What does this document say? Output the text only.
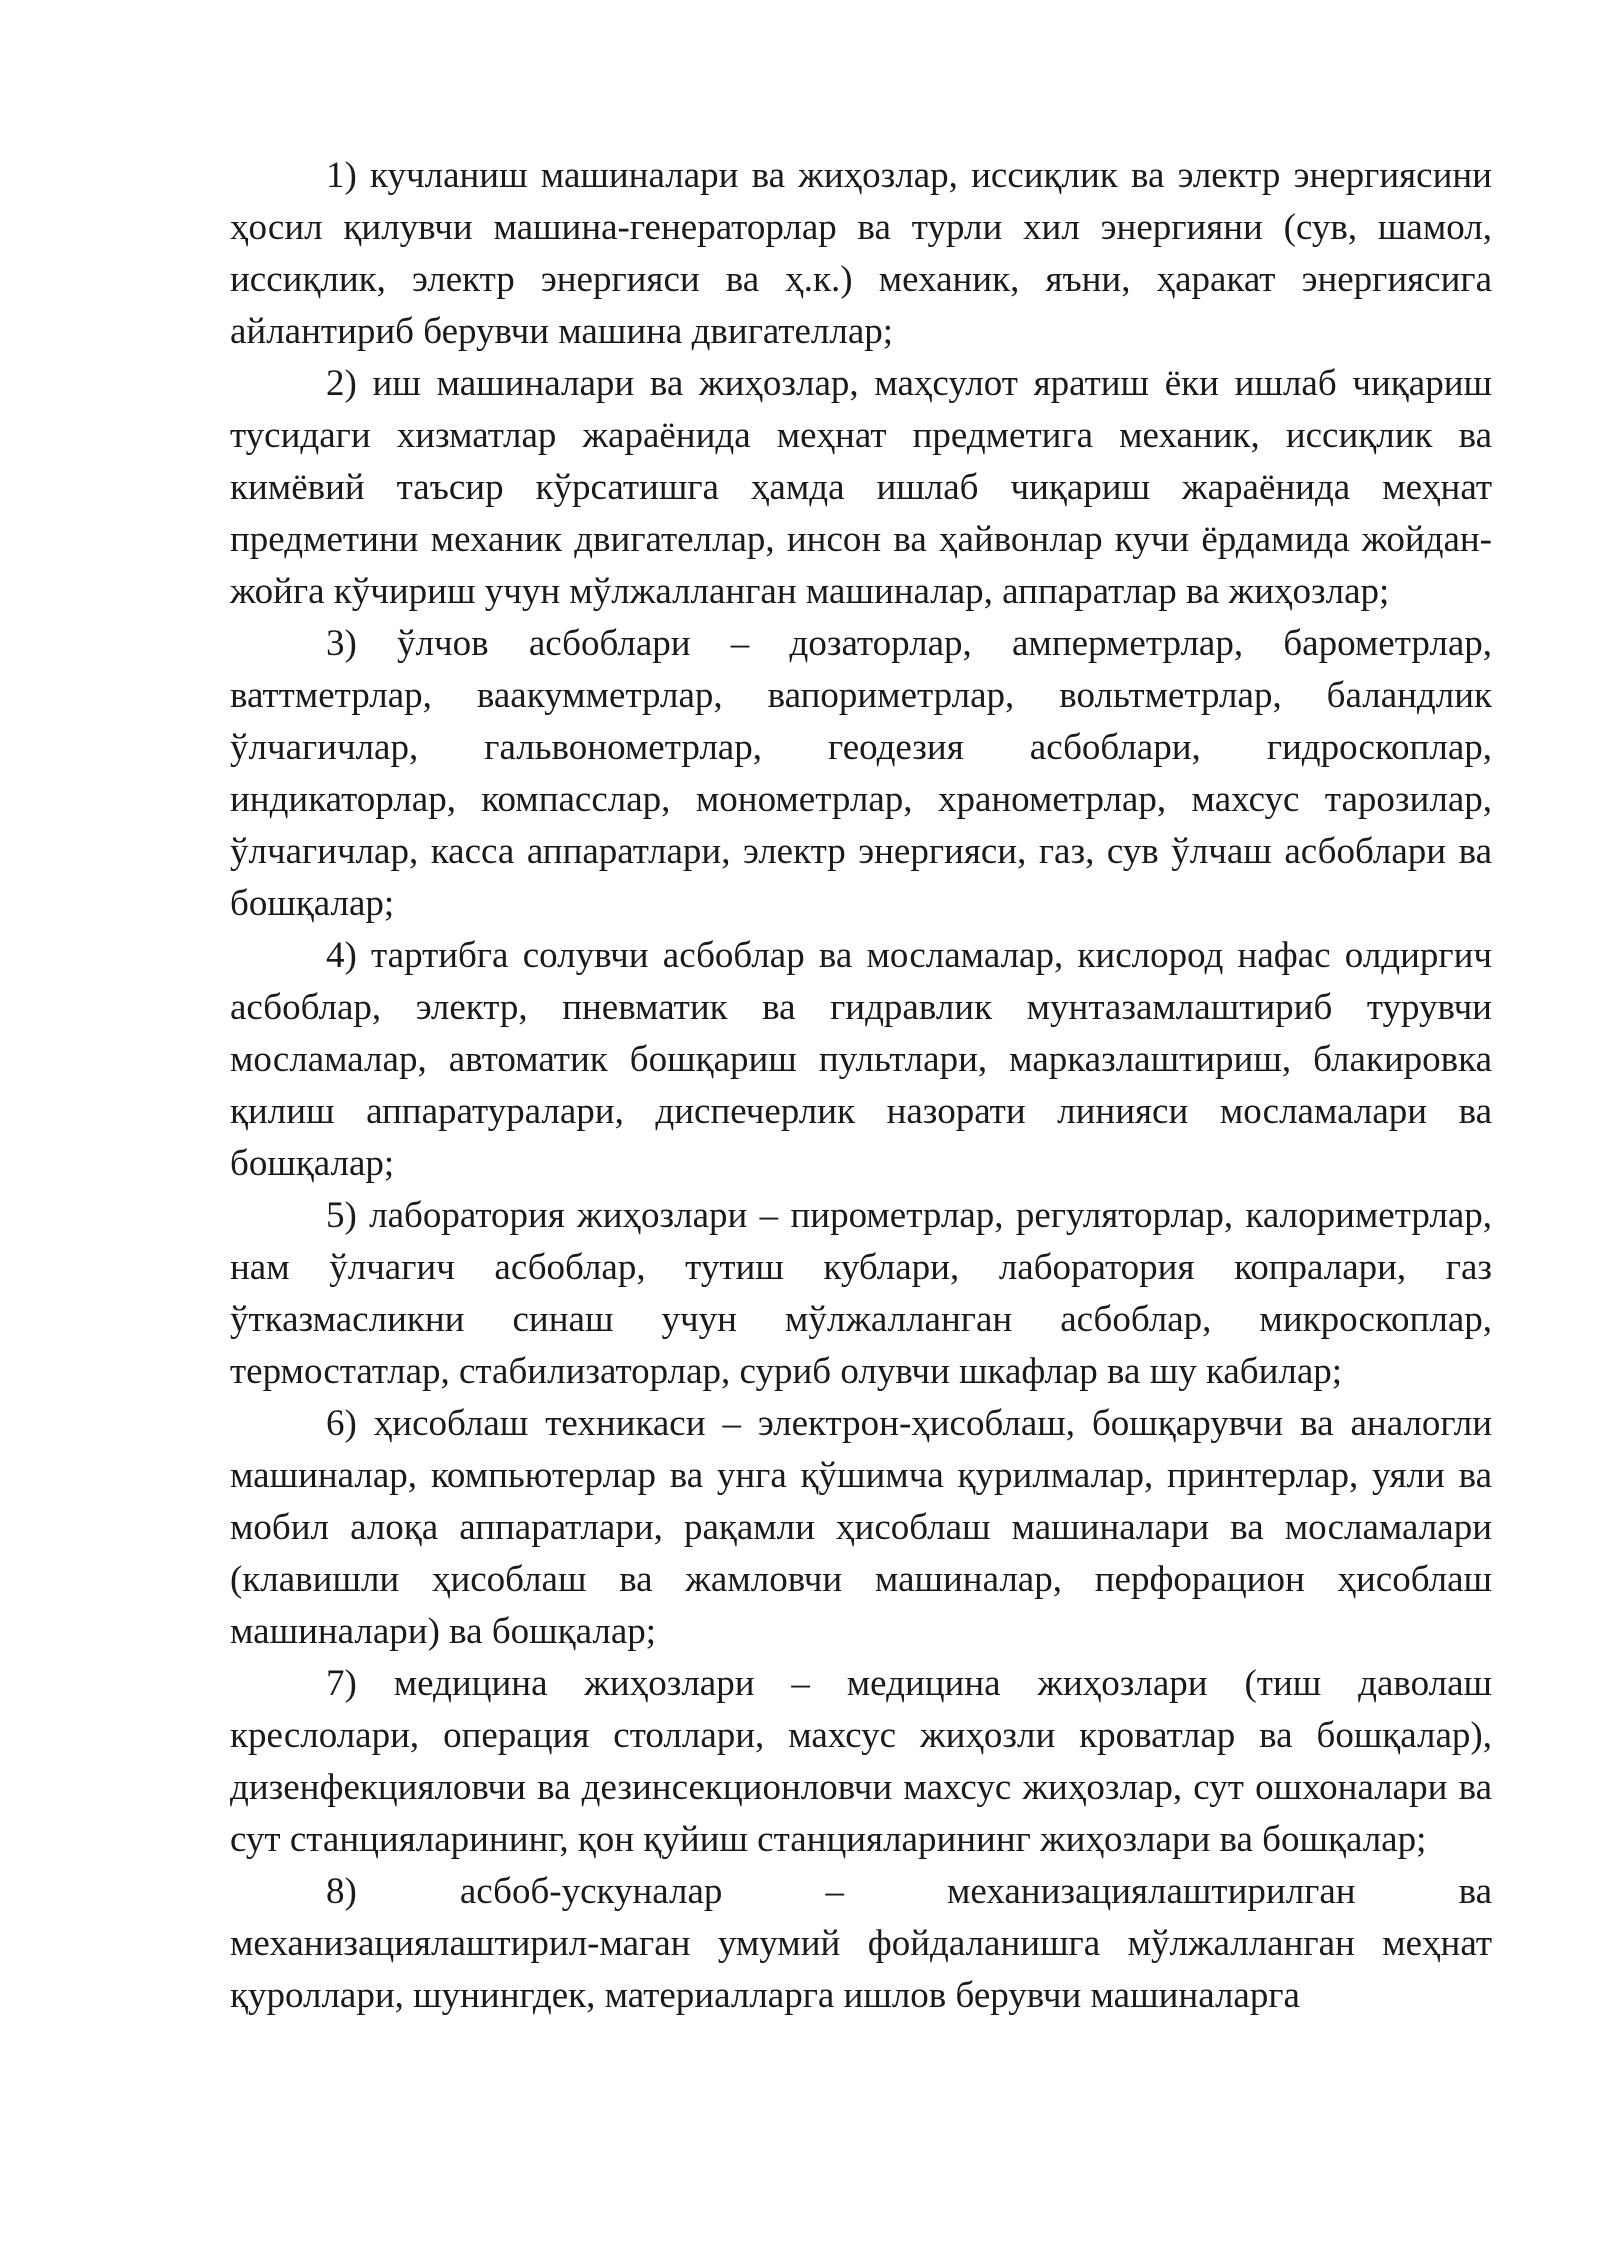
1) кучланиш машиналари ва жиҳозлар, иссиқлик ва электр энергиясини ҳосил қилувчи машина-генераторлар ва турли хил энергияни (сув, шамол, иссиқлик, электр энергияси ва ҳ.к.) механик, яъни, ҳаракат энергиясига айлантириб берувчи машина двигателлар;

2) иш машиналари ва жиҳозлар, маҳсулот яратиш ёки ишлаб чиқариш тусидаги хизматлар жараёнида меҳнат предметига механик, иссиқлик ва кимёвий таъсир кўрсатишга ҳамда ишлаб чиқариш жараёнида меҳнат предметини механик двигателлар, инсон ва ҳайвонлар кучи ёрдамида жойдан-жойга кўчириш учун мўлжалланган машиналар, аппаратлар ва жиҳозлар;

3) ўлчов асбоблари – дозаторлар, амперметрлар, барометрлар, ваттметрлар, ваакумметрлар, вапориметрлар, вольтметрлар, баландлик ўлчагичлар, гальвонометрлар, геодезия асбоблари, гидроскоплар, индикаторлар, компасслар, монометрлар, хранометрлар, махсус тарозилар, ўлчагичлар, касса аппаратлари, электр энергияси, газ, сув ўлчаш асбоблари ва бошқалар;

4) тартибга солувчи асбоблар ва мосламалар, кислород нафас олдиргич асбоблар, электр, пневматик ва гидравлик мунтазамлаштириб турувчи мосламалар, автоматик бошқариш пультлари, марказлаштириш, блакировка қилиш аппаратуралари, диспечерлик назорати линияси мосламалари ва бошқалар;

5) лаборатория жиҳозлари – пирометрлар, регуляторлар, калориметрлар, нам ўлчагич асбоблар, тутиш кублари, лаборатория копралари, газ ўтказмасликни синаш учун мўлжалланган асбоблар, микроскоплар, термостатлар, стабилизаторлар, суриб олувчи шкафлар ва шу кабилар;

6) ҳисоблаш техникаси – электрон-ҳисоблаш, бошқарувчи ва аналогли машиналар, компьютерлар ва унга қўшимча қурилмалар, принтерлар, уяли ва мобил алоқа аппаратлари, рақамли ҳисоблаш машиналари ва мосламалари (клавишли ҳисоблаш ва жамловчи машиналар, перфорацион ҳисоблаш машиналари) ва бошқалар;

7) медицина жиҳозлари – медицина жиҳозлари (тиш даволаш креслолари, операция столлари, махсус жиҳозли кроватлар ва бошқалар), дизенфекцияловчи ва дезинсекционловчи махсус жиҳозлар, сут ошхоналари ва сут станцияларининг, қон қуйиш станцияларининг жиҳозлари ва бошқалар;

8) асбоб-ускуналар – механизациялаштирилган ва механизациялаштирил-маган умумий фойдаланишга мўлжалланган меҳнат қуроллари, шунингдек, материалларга ишлов берувчи машиналарга
